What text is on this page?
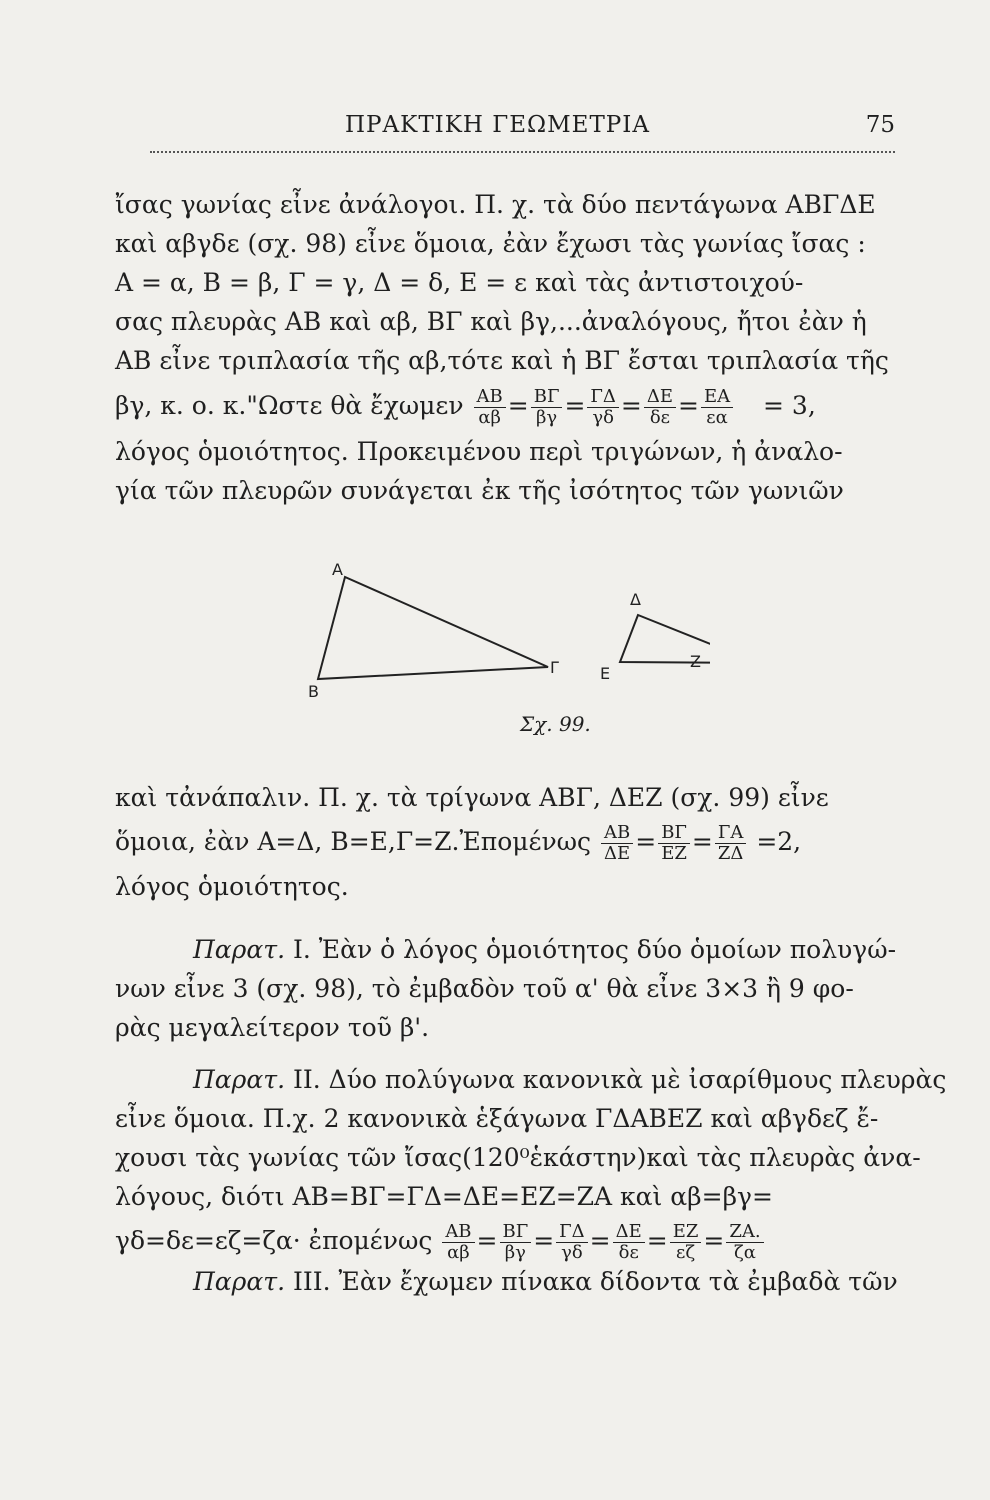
ΠΡΑΚΤΙΚΗ ΓΕΩΜΕΤΡΙΑ	75
ἴσας γωνίας εἶνε ἀνάλογοι. Π. χ. τὰ δύο πεντάγωνα ΑΒΓΔΕ
καὶ αβγδε (σχ. 98) εἶνε ὅμοια, ἐὰν ἔχωσι τὰς γωνίας ἴσας :
Α = α, Β = β, Γ = γ, Δ = δ, Ε = ε καὶ τὰς ἀντιστοιχού-
σας πλευρὰς ΑΒ καὶ αβ, ΒΓ καὶ βγ,...ἀναλόγους, ἤτοι ἐὰν ἡ
ΑΒ εἶνε τριπλασία τῆς αβ,τότε καὶ ἡ ΒΓ ἔσται τριπλασία τῆς
βγ, κ. ο. κ."Ωστε θὰ ἔχωμεν $\frac{AB}{\alpha\beta} = \frac{B\Gamma}{\beta\gamma} = \frac{\Gamma\Delta}{\gamma\delta} = \frac{\Delta E}{\delta\varepsilon} = \frac{EA}{\varepsilon\alpha} = 3$,
λόγος ὁμοιότητος. Προκειμένου περὶ τριγώνων, ἡ ἀναλο-
γία τῶν πλευρῶν συνάγεται ἐκ τῆς ἰσότητος τῶν γωνιῶν
A
B
Γ
Δ
E
Z
Σχ. 99.
καὶ τἀνάπαλιν. Π. χ. τὰ τρίγωνα ΑΒΓ, ΔΕΖ (σχ. 99) εἶνε
ὅμοια, ἐὰν Α=Δ, Β=Ε,Γ=Ζ.Ἐπομένως $\frac{AB}{\Delta E} = \frac{B\Gamma}{EZ} = \frac{\Gamma A}{Z\Delta} =2$,
λόγος ὁμοιότητος.
Παρατ. Ι. Ἐὰν ὁ λόγος ὁμοιότητος δύο ὁμοίων πολυγώ-
νων εἶνε 3 (σχ. 98), τὸ ἐμβαδὸν τοῦ α' θὰ εἶνε 3×3 ἢ 9 φο-
ρὰς μεγαλείτερον τοῦ β'.
Παρατ. ΙΙ. Δύο πολύγωνα κανονικὰ μὲ ἰσαρίθμους πλευρὰς
εἶνε ὅμοια. Π.χ. 2 κανονικὰ ἑξάγωνα ΓΔΑΒΕΖ καὶ αβγδεζ ἔ-
χουσι τὰς γωνίας τῶν ἴσας(120⁰ἑκάστην)καὶ τὰς πλευρὰς ἀνα-
λόγους, διότι ΑΒ=ΒΓ=ΓΔ=ΔΕ=ΕΖ=ΖΑ καὶ αβ=βγ=
γδ=δε=εζ=ζα· ἐπομένως $\frac{AB}{\alpha\beta} = \frac{B\Gamma}{\beta\gamma} = \frac{\Gamma\Delta}{\gamma\delta} = \frac{\Delta E}{\delta\varepsilon} = \frac{EZ}{\varepsilon\zeta} = \frac{ZA.}{\zeta\alpha}$
Παρατ. ΙΙΙ. Ἐὰν ἔχωμεν πίνακα δίδοντα τὰ ἐμβαδὰ τῶν
